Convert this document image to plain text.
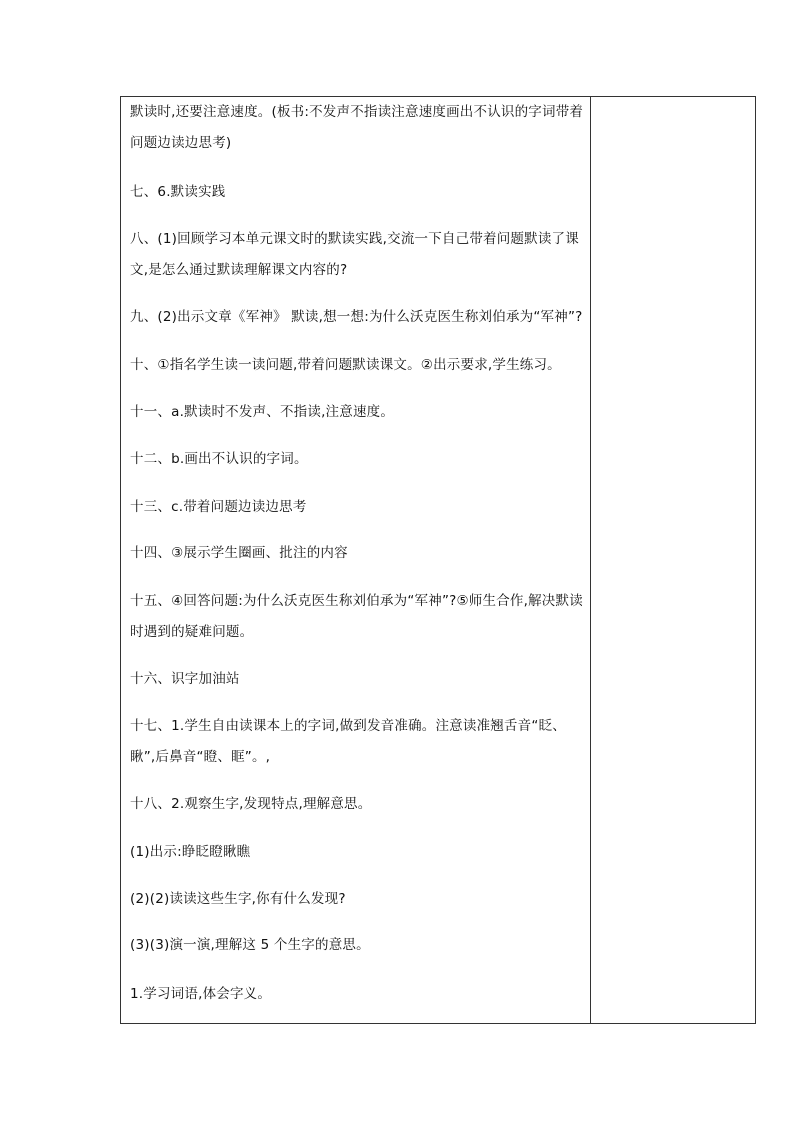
默读时,还要注意速度。(板书:不发声不指读注意速度画出不认识的字词带着问题边读边思考)
七、6.默读实践
八、(1)回顾学习本单元课文时的默读实践,交流一下自己带着问题默读了课文,是怎么通过默读理解课文内容的?
九、(2)出示文章《军神》 默读,想一想:为什么沃克医生称刘伯承为“军神”?
十、①指名学生读一读问题,带着问题默读课文。②出示要求,学生练习。
十一、a.默读时不发声、不指读,注意速度。
十二、b.画出不认识的字词。
十三、c.带着问题边读边思考
十四、③展示学生圈画、批注的内容
十五、④回答问题:为什么沃克医生称刘伯承为“军神”?⑤师生合作,解决默读时遇到的疑难问题。
十六、识字加油站
十七、1.学生自由读课本上的字词,做到发音准确。注意读准翘舌音“眨、瞅”,后鼻音“瞪、眶”。,
十八、2.观察生字,发现特点,理解意思。
(1)出示:睁眨瞪瞅瞧
(2)(2)读读这些生字,你有什么发现?
(3)(3)演一演,理解这 5 个生字的意思。
1.学习词语,体会字义。
